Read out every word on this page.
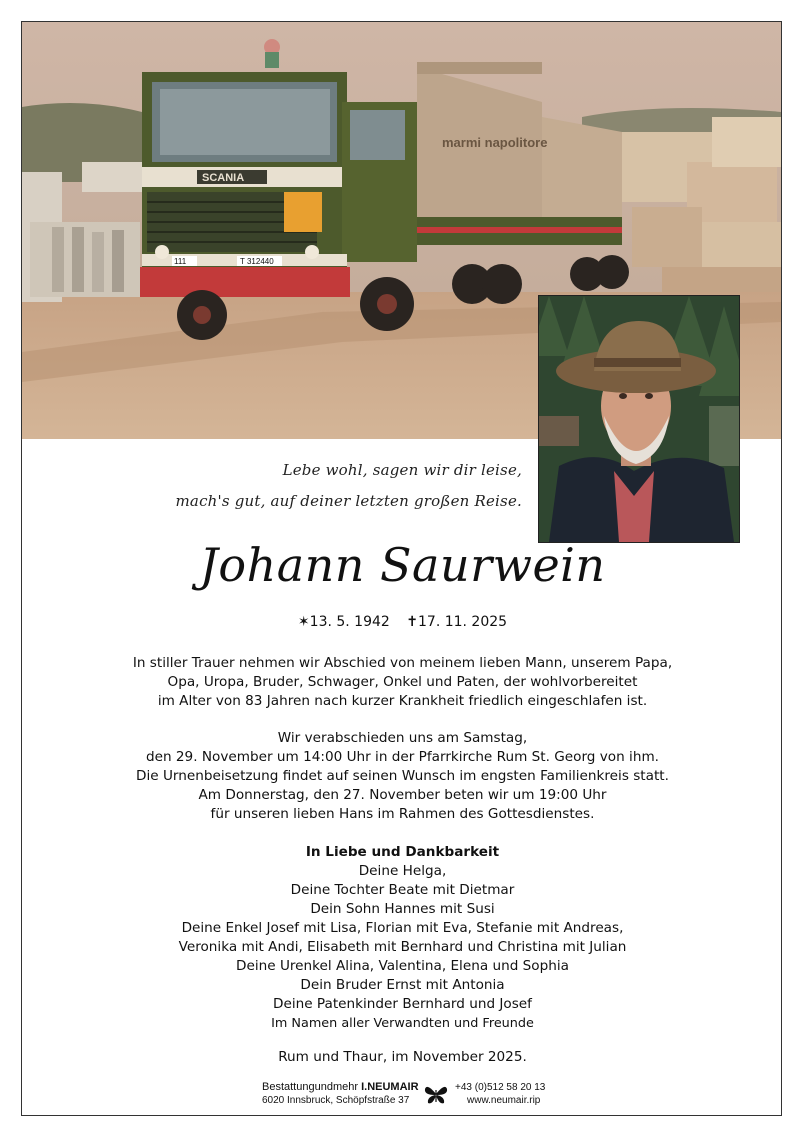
SCANIA
111	T 312440
marmi napolitore
Lebe wohl, sagen wir dir leise,
mach's gut, auf deiner letzten großen Reise.
Johann Saurwein
✶13. 5. 1942 ✝17. 11. 2025
In stiller Trauer nehmen wir Abschied von meinem lieben Mann, unserem Papa,
Opa, Uropa, Bruder, Schwager, Onkel und Paten, der wohlvorbereitet
im Alter von 83 Jahren nach kurzer Krankheit friedlich eingeschlafen ist.
Wir verabschieden uns am Samstag,
den 29. November um 14:00 Uhr in der Pfarrkirche Rum St. Georg von ihm.
Die Urnenbeisetzung findet auf seinen Wunsch im engsten Familienkreis statt.
Am Donnerstag, den 27. November beten wir um 19:00 Uhr
für unseren lieben Hans im Rahmen des Gottesdienstes.
In Liebe und Dankbarkeit
Deine Helga,
Deine Tochter Beate mit Dietmar
Dein Sohn Hannes mit Susi
Deine Enkel Josef mit Lisa, Florian mit Eva, Stefanie mit Andreas,
Veronika mit Andi, Elisabeth mit Bernhard und Christina mit Julian
Deine Urenkel Alina, Valentina, Elena und Sophia
Dein Bruder Ernst mit Antonia
Deine Patenkinder Bernhard und Josef
Im Namen aller Verwandten und Freunde
Rum und Thaur, im November 2025.
Bestattungundmehr I.NEUMAIR
6020 Innsbruck, Schöpfstraße 37
+43 (0)512 58 20 13
www.neumair.rip
